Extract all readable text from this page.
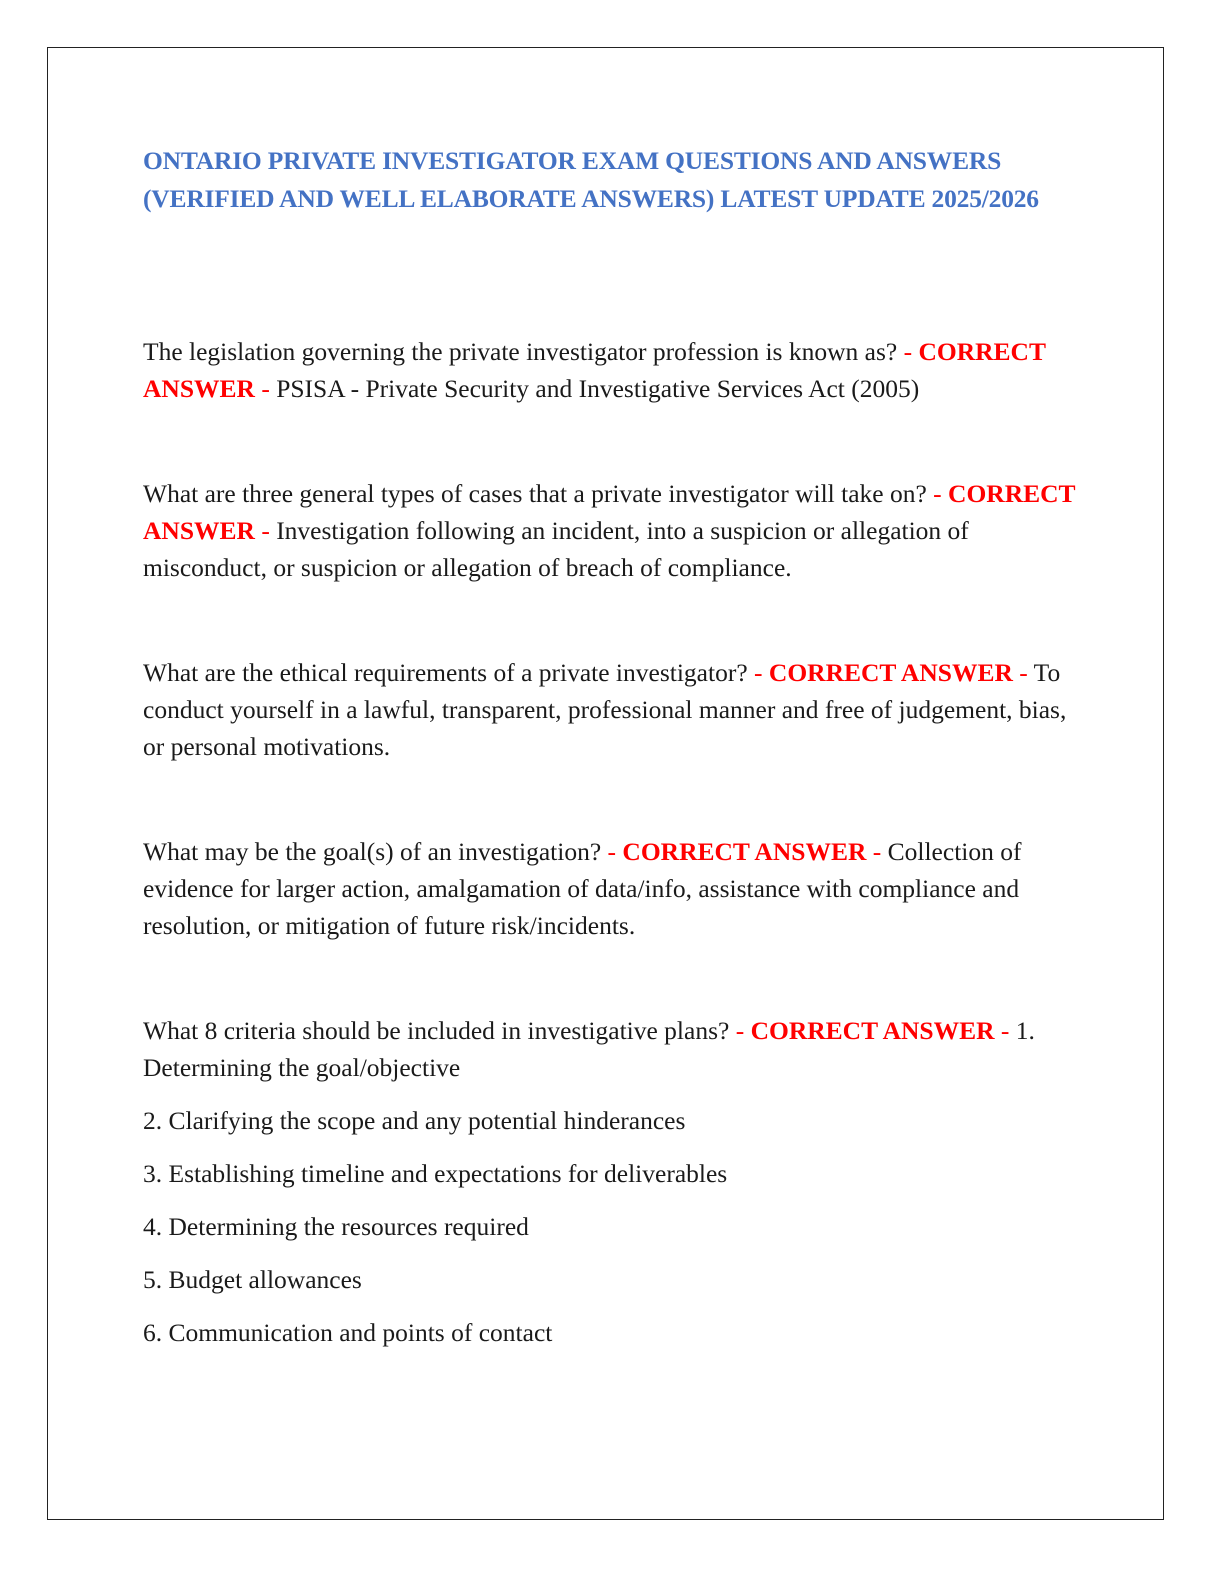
ONTARIO PRIVATE INVESTIGATOR EXAM QUESTIONS AND ANSWERS (VERIFIED AND WELL ELABORATE ANSWERS) LATEST UPDATE 2025/2026

The legislation governing the private investigator profession is known as? - CORRECT ANSWER - PSISA - Private Security and Investigative Services Act (2005)

What are three general types of cases that a private investigator will take on? - CORRECT ANSWER - Investigation following an incident, into a suspicion or allegation of misconduct, or suspicion or allegation of breach of compliance.

What are the ethical requirements of a private investigator? - CORRECT ANSWER - To conduct yourself in a lawful, transparent, professional manner and free of judgement, bias, or personal motivations.

What may be the goal(s) of an investigation? - CORRECT ANSWER - Collection of evidence for larger action, amalgamation of data/info, assistance with compliance and resolution, or mitigation of future risk/incidents.

What 8 criteria should be included in investigative plans? - CORRECT ANSWER - 1. Determining the goal/objective

2. Clarifying the scope and any potential hinderances

3. Establishing timeline and expectations for deliverables

4. Determining the resources required

5. Budget allowances

6. Communication and points of contact
